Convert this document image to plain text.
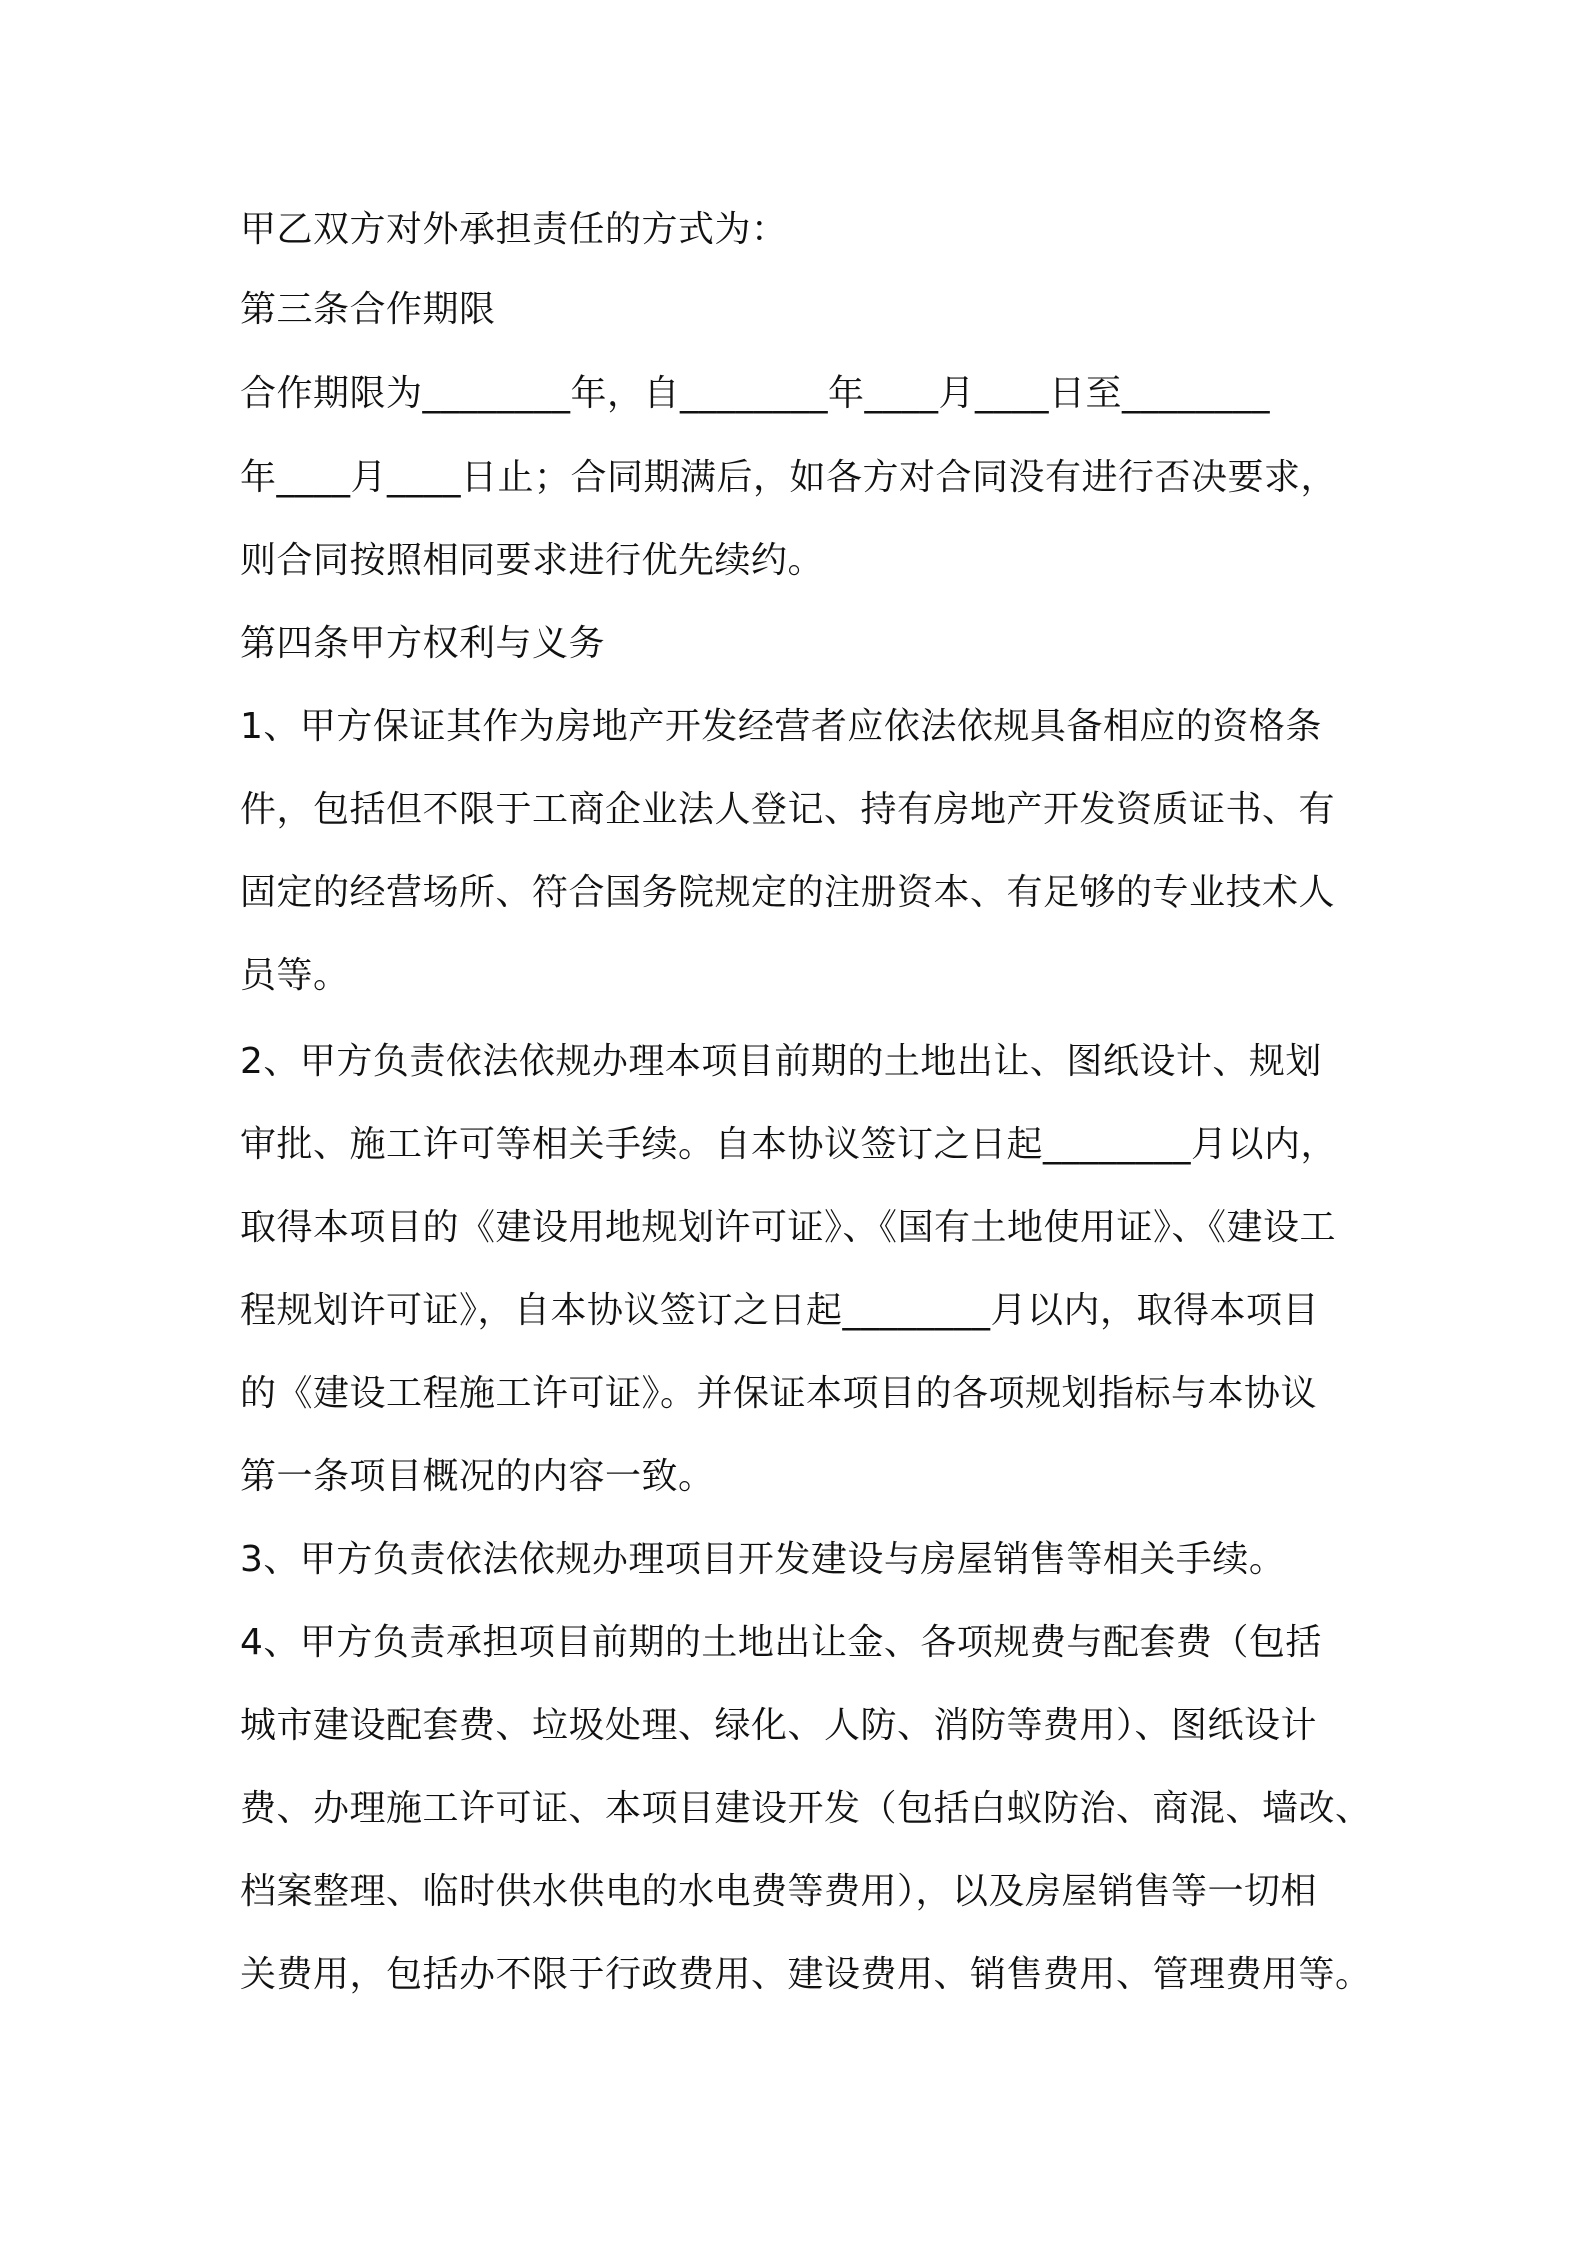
甲乙双方对外承担责任的方式为：
第三条合作期限
合作期限为________年，自________年____月____日至________
年____月____日止；合同期满后，如各方对合同没有进行否决要求，
则合同按照相同要求进行优先续约。
第四条甲方权利与义务
1、甲方保证其作为房地产开发经营者应依法依规具备相应的资格条
件，包括但不限于工商企业法人登记、持有房地产开发资质证书、有
固定的经营场所、符合国务院规定的注册资本、有足够的专业技术人
员等。
2、甲方负责依法依规办理本项目前期的土地出让、图纸设计、规划
审批、施工许可等相关手续。自本协议签订之日起________月以内，
取得本项目的《建设用地规划许可证》、《国有土地使用证》、《建设工
程规划许可证》，自本协议签订之日起________月以内，取得本项目
的《建设工程施工许可证》。并保证本项目的各项规划指标与本协议
第一条项目概况的内容一致。
3、甲方负责依法依规办理项目开发建设与房屋销售等相关手续。
4、甲方负责承担项目前期的土地出让金、各项规费与配套费（包括
城市建设配套费、垃圾处理、绿化、人防、消防等费用）、图纸设计
费、办理施工许可证、本项目建设开发（包括白蚁防治、商混、墙改、
档案整理、临时供水供电的水电费等费用），以及房屋销售等一切相
关费用，包括办不限于行政费用、建设费用、销售费用、管理费用等。
